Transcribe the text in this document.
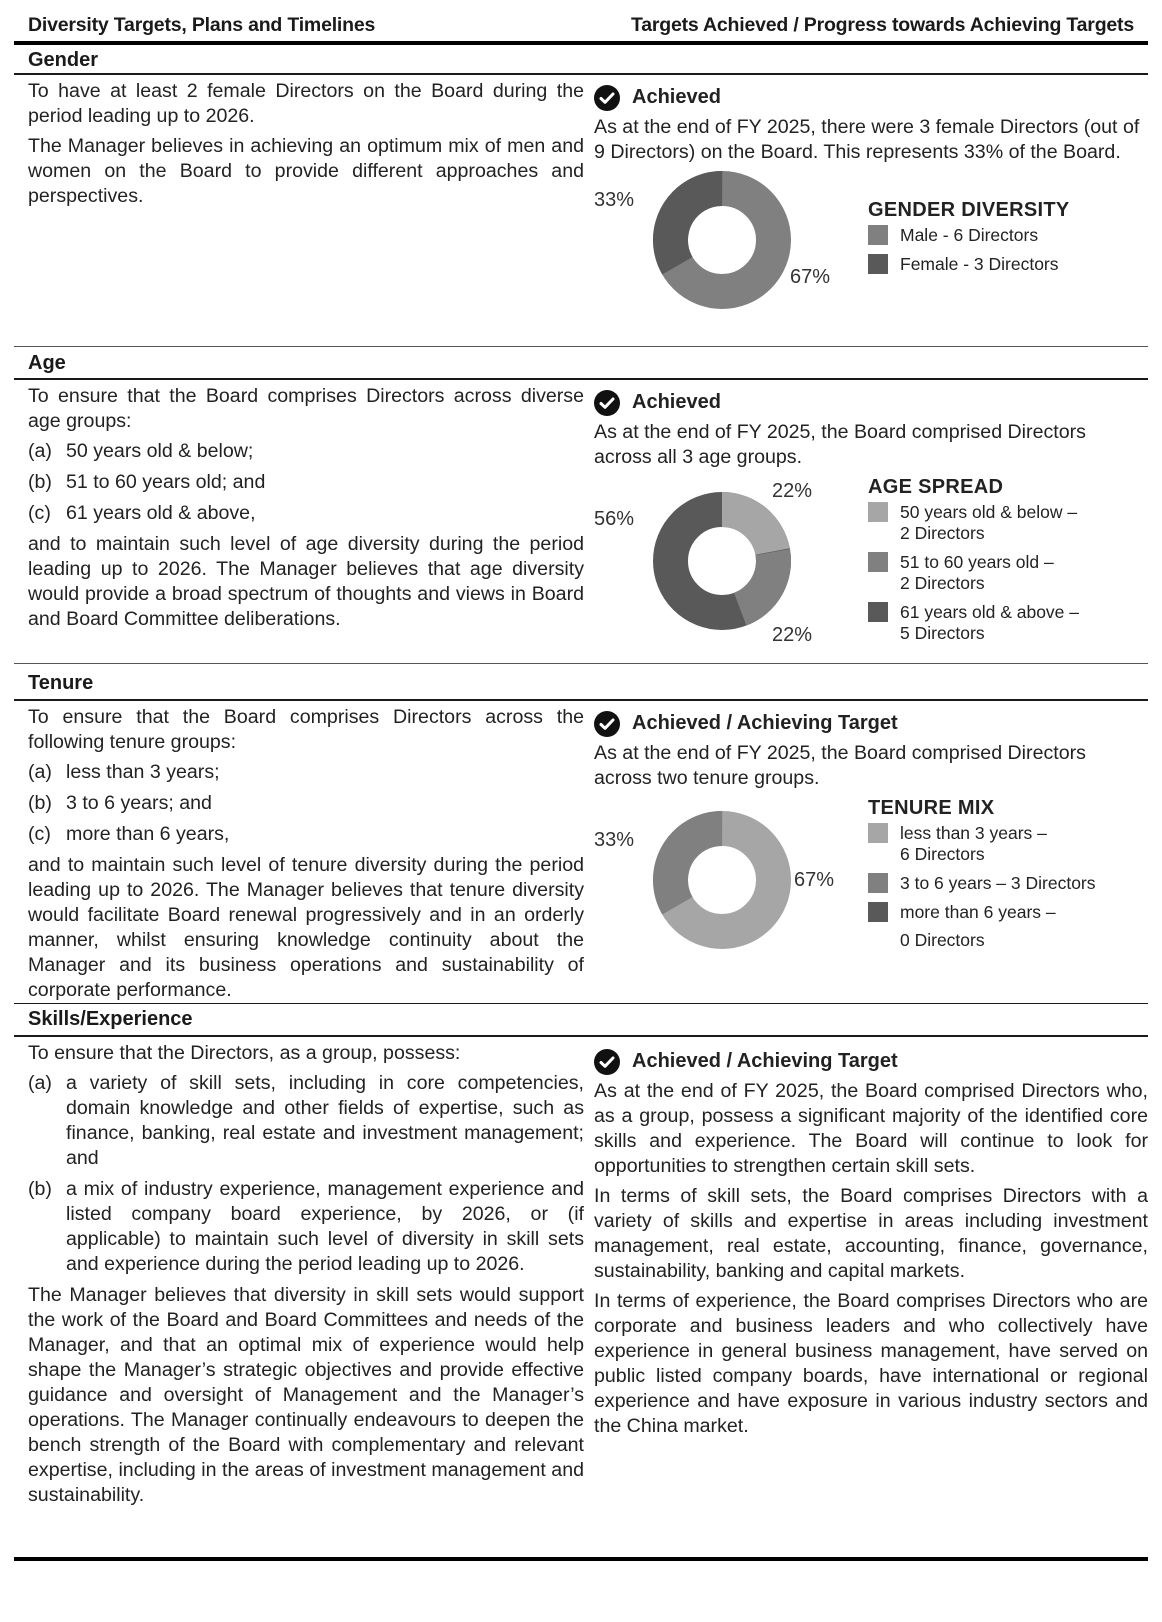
Diversity Targets, Plans and Timelines	Targets Achieved / Progress towards Achieving Targets
Gender

To have at least 2 female Directors on the Board during the period leading up to 2026.

The Manager believes in achieving an optimum mix of men and women on the Board to provide different approaches and perspectives.

Achieved

As at the end of FY 2025, there were 3 female Directors (out of 9 Directors) on the Board. This represents 33% of the Board.

33%
67%
GENDER DIVERSITY
Male - 6 Directors
Female - 3 Directors
Age

To ensure that the Board comprises Directors across diverse age groups:

(a) 50 years old & below;
(b) 51 to 60 years old; and
(c) 61 years old & above,

and to maintain such level of age diversity during the period leading up to 2026. The Manager believes that age diversity would provide a broad spectrum of thoughts and views in Board and Board Committee deliberations.

Achieved

As at the end of FY 2025, the Board comprised Directors across all 3 age groups.

56%
22%
22%
AGE SPREAD
50 years old & below –
2 Directors
51 to 60 years old –
2 Directors
61 years old & above –
5 Directors
Tenure

To ensure that the Board comprises Directors across the following tenure groups:

(a) less than 3 years;
(b) 3 to 6 years; and
(c) more than 6 years,

and to maintain such level of tenure diversity during the period leading up to 2026. The Manager believes that tenure diversity would facilitate Board renewal progressively and in an orderly manner, whilst ensuring knowledge continuity about the Manager and its business operations and sustainability of corporate performance.

Achieved / Achieving Target

As at the end of FY 2025, the Board comprised Directors across two tenure groups.

33%
67%
TENURE MIX
less than 3 years –
6 Directors
3 to 6 years – 3 Directors
more than 6 years –
0 Directors
Skills/Experience

To ensure that the Directors, as a group, possess:

(a) a variety of skill sets, including in core competencies, domain knowledge and other fields of expertise, such as finance, banking, real estate and investment management; and
(b) a mix of industry experience, management experience and listed company board experience, by 2026, or (if applicable) to maintain such level of diversity in skill sets and experience during the period leading up to 2026.

The Manager believes that diversity in skill sets would support the work of the Board and Board Committees and needs of the Manager, and that an optimal mix of experience would help shape the Manager’s strategic objectives and provide effective guidance and oversight of Management and the Manager’s operations. The Manager continually endeavours to deepen the bench strength of the Board with complementary and relevant expertise, including in the areas of investment management and sustainability.

Achieved / Achieving Target

As at the end of FY 2025, the Board comprised Directors who, as a group, possess a significant majority of the identified core skills and experience. The Board will continue to look for opportunities to strengthen certain skill sets.

In terms of skill sets, the Board comprises Directors with a variety of skills and expertise in areas including investment management, real estate, accounting, finance, governance, sustainability, banking and capital markets.

In terms of experience, the Board comprises Directors who are corporate and business leaders and who collectively have experience in general business management, have served on public listed company boards, have international or regional experience and have exposure in various industry sectors and the China market.
